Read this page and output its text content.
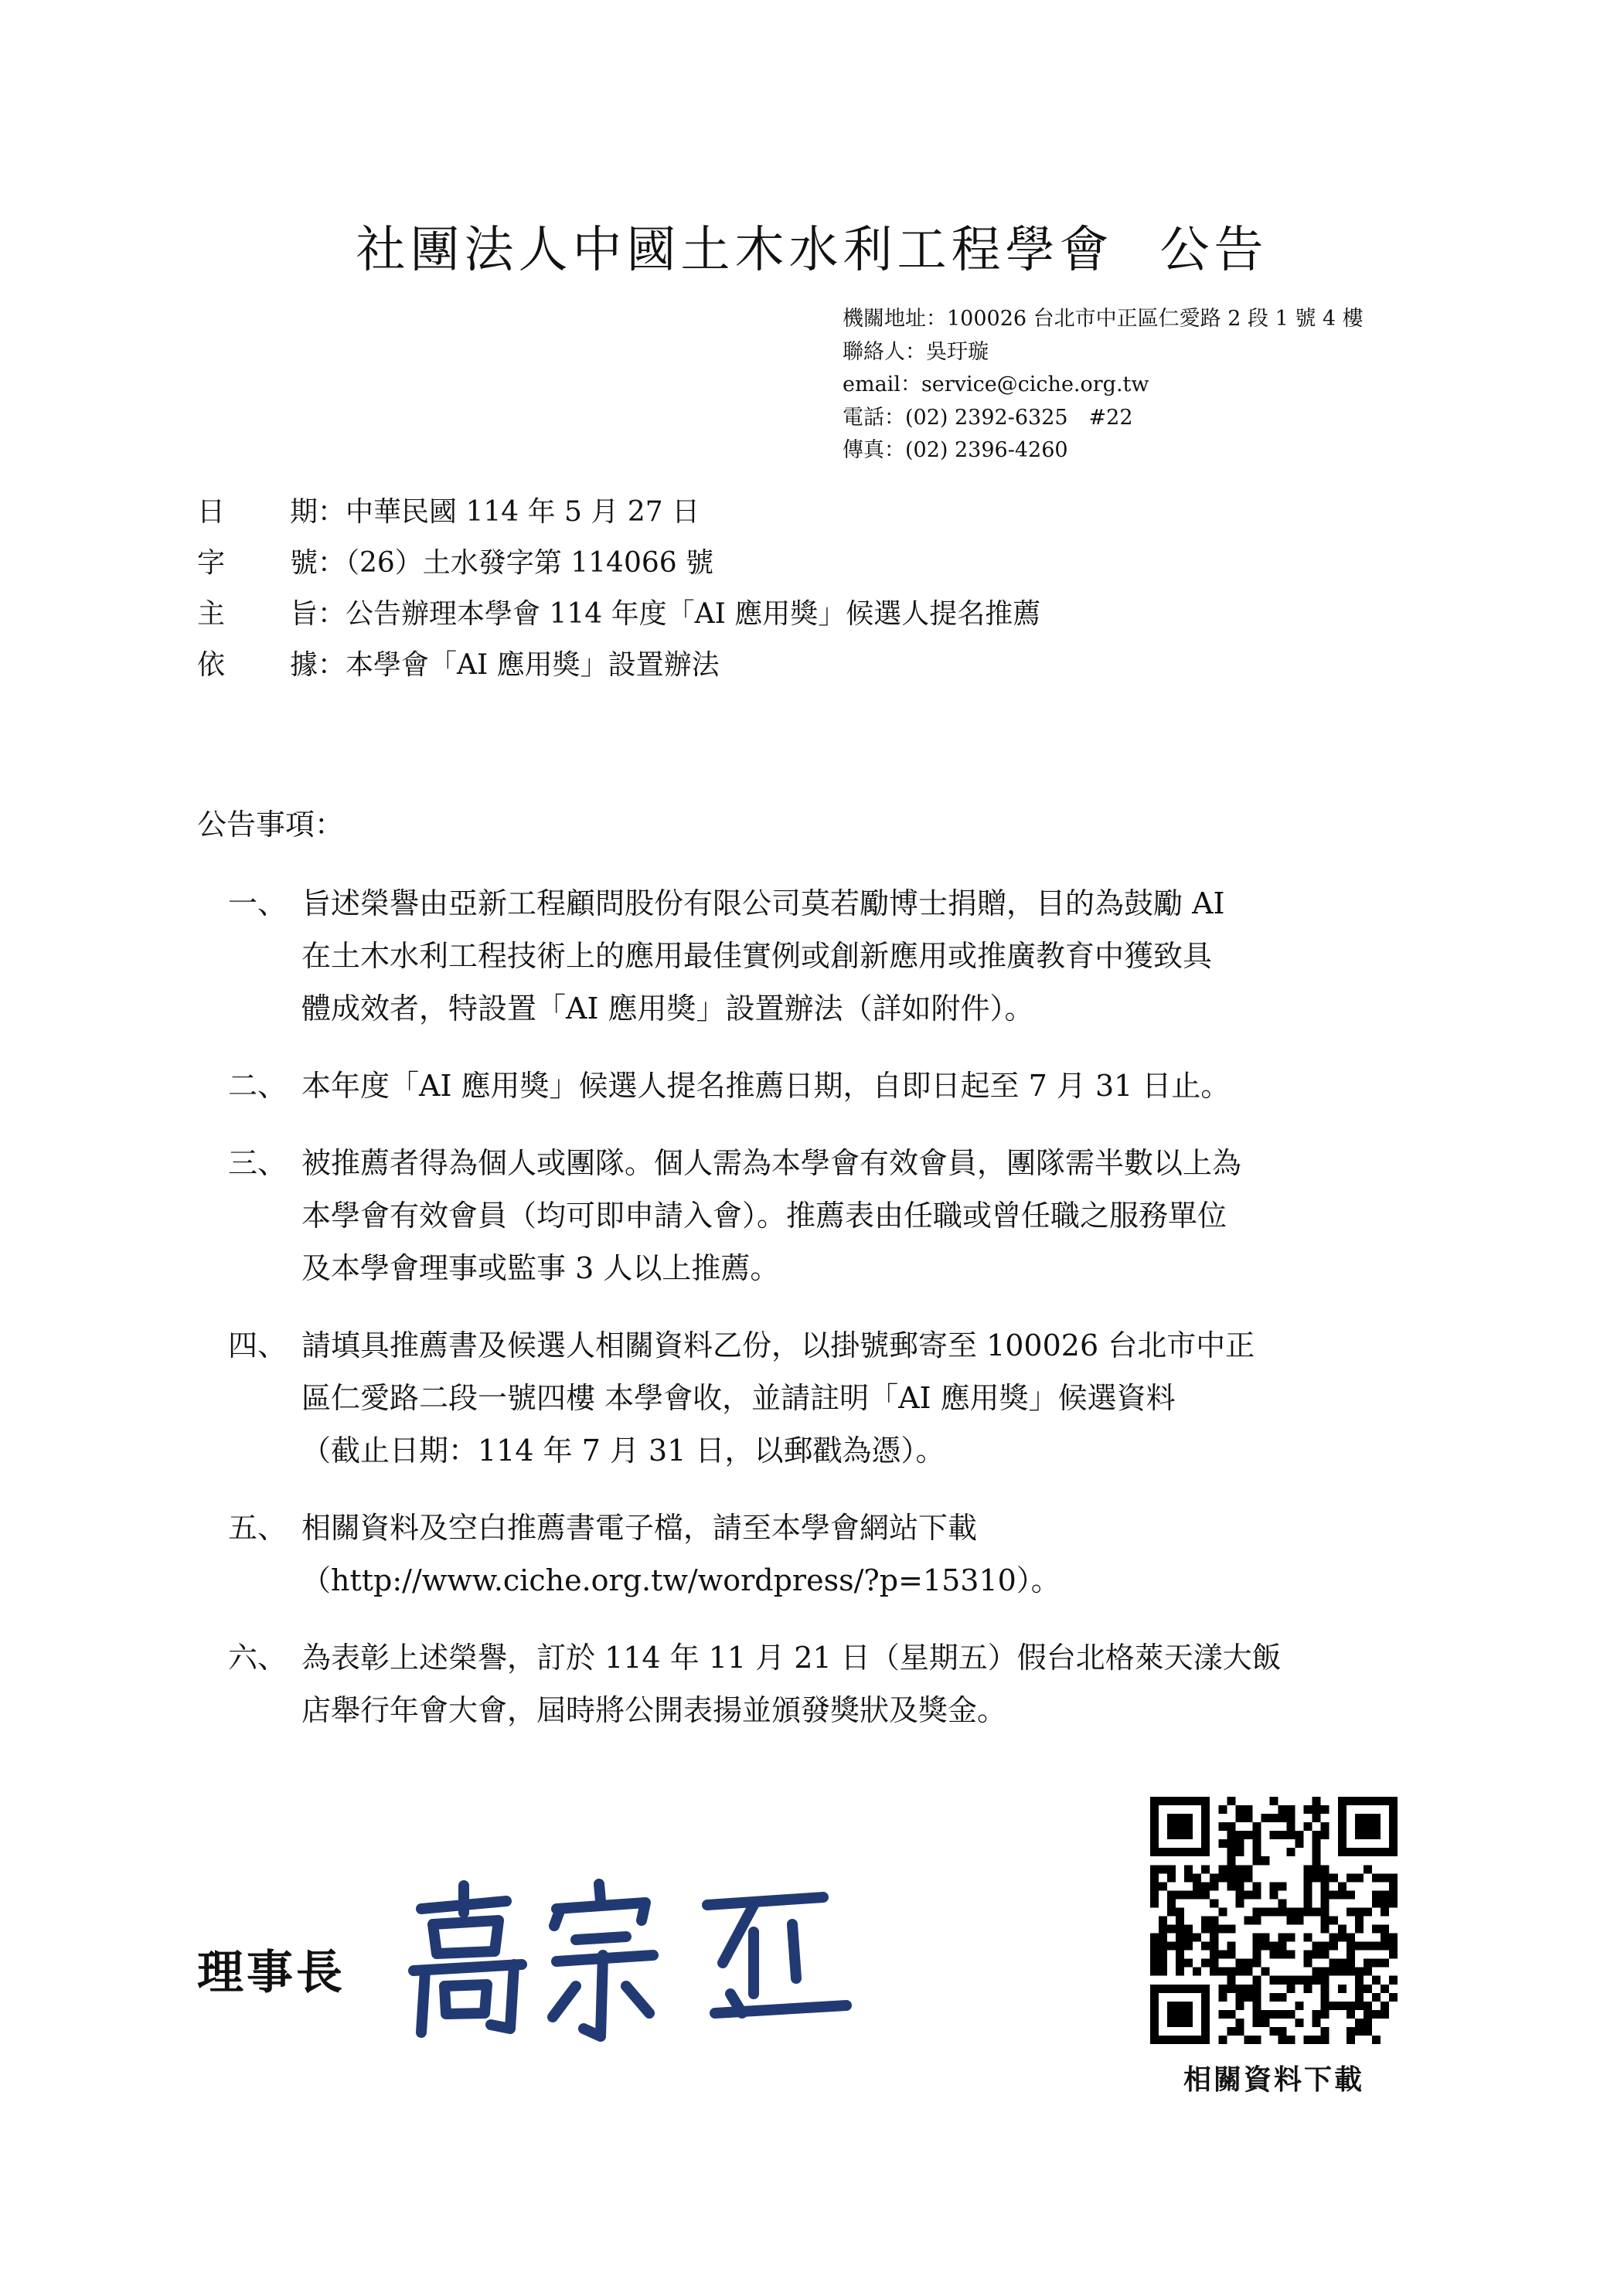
社團法人中國土木水利工程學會 公告
機關地址：100026 台北市中正區仁愛路 2 段 1 號 4 樓
聯絡人：吳玗璇
email：service@ciche.org.tw
電話：(02) 2392-6325　#22
傳真：(02) 2396-4260
日	期：中華民國 114 年 5 月 27 日
字	號：（26）土水發字第 114066 號
主	旨：公告辦理本學會 114 年度「AI 應用獎」候選人提名推薦
依	據：本學會「AI 應用獎」設置辦法
公告事項：
一、 旨述榮譽由亞新工程顧問股份有限公司莫若勵博士捐贈，目的為鼓勵 AI
在土木水利工程技術上的應用最佳實例或創新應用或推廣教育中獲致具
體成效者，特設置「AI 應用獎」設置辦法（詳如附件）。
二、 本年度「AI 應用獎」候選人提名推薦日期，自即日起至 7 月 31 日止。
三、 被推薦者得為個人或團隊。個人需為本學會有效會員，團隊需半數以上為
本學會有效會員（均可即申請入會）。推薦表由任職或曾任職之服務單位
及本學會理事或監事 3 人以上推薦。
四、 請填具推薦書及候選人相關資料乙份，以掛號郵寄至 100026 台北市中正
區仁愛路二段一號四樓 本學會收，並請註明「AI 應用獎」候選資料
（截止日期：114 年 7 月 31 日，以郵戳為憑）。
五、 相關資料及空白推薦書電子檔，請至本學會網站下載
（http://www.ciche.org.tw/wordpress/?p=15310）。
六、 為表彰上述榮譽，訂於 114 年 11 月 21 日（星期五）假台北格萊天漾大飯
店舉行年會大會，屆時將公開表揚並頒發獎狀及獎金。
理事長
相關資料下載
